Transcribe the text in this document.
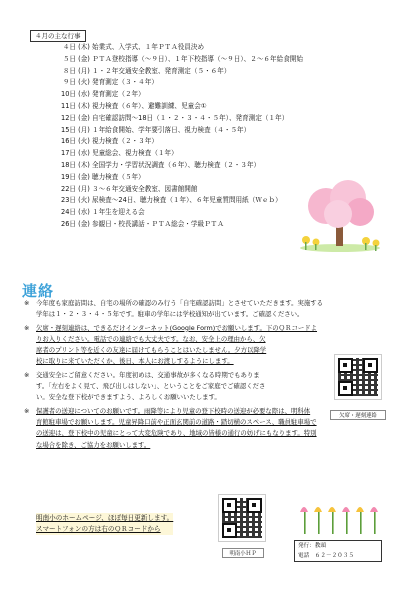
４月の主な行事
４日 (木) 始業式、入学式、１年ＰＴＡ役員決め
５日 (金) ＰＴＡ登校指導（～９日）、１年下校指導（～９日）、２～６年給食開始
８日 (月) １・２年交通安全教室、発育測定（５・６年）
９日 (火) 発育測定（３・４年）
10日 (水) 発育測定（２年）
11日 (木) 視力検査（６年）、避難訓練、児童会①
12日 (金) 自宅確認訪問～18日（１・２・３・４・５年）、発育測定（１年）
15日 (月) １年給食開始、学年要引落日、視力検査（４・５年）
16日 (火) 視力検査（２・３年）
17日 (水) 児童総会、視力検査（１年）
18日 (木) 全国学力・学習状況調査（６年）、聴力検査（２・３年）
19日 (金) 聴力検査（５年）
22日 (月) ３～６年交通安全教室、図書館開館
23日 (火) 尿検査～24日、聴力検査（１年）、６年児童質問用紙（Ｗｅｂ）
24日 (水) １年生を迎える会
26日 (金) 参観日・校長講話・ＰＴＡ総会・学級ＰＴＡ
連絡
※	今年度も家庭訪問は、自宅の場所の確認のみ行う「自宅確認訪問」とさせていただきます。実施する
学年は１・２・３・４・５年です。駐車の学年には学校通知が出ています。ご確認ください。
※	欠席・遅刻連絡は、できるだけインターネット(Google Form)でお願いします。下のＱＲコードよ
りお入りください。電話での連絡でも大丈夫です。なお、安全上の理由から、欠
席者のプリント等を近くの友達に届けてもらうことはいたしません。夕方以降学
校に取りに来ていただくか、後日、本人にお渡しするようにします。
※	交通安全にご留意ください。年度初めは、交通事故が多くなる時期でもありま
す。「左右をよく見て、飛び出しはしない」、ということをご家庭でご確認くださ
い。安全な登下校ができますよう、よろしくお願いいたします。
※	保護者の送迎についてのお願いです。雨降等により児童の登下校時の送迎が必要な際は、明科体
育館駐車場でお願いします。児童昇降口前や正面玄関前の道路・踏切横のスペース、職員駐車場で
の送迎は、登下校中の児童にとって大変危険であり、地域の皆様の通行の妨げにもなります。特別
な場合を除き、ご協力をお願いします。
欠席・遅刻連絡
明南小のホームページ、ほぼ毎日更新します。
スマートフォンの方は右のＱＲコードから
明南小ＨＰ
発行：教頭
電話　６２－２０３５
